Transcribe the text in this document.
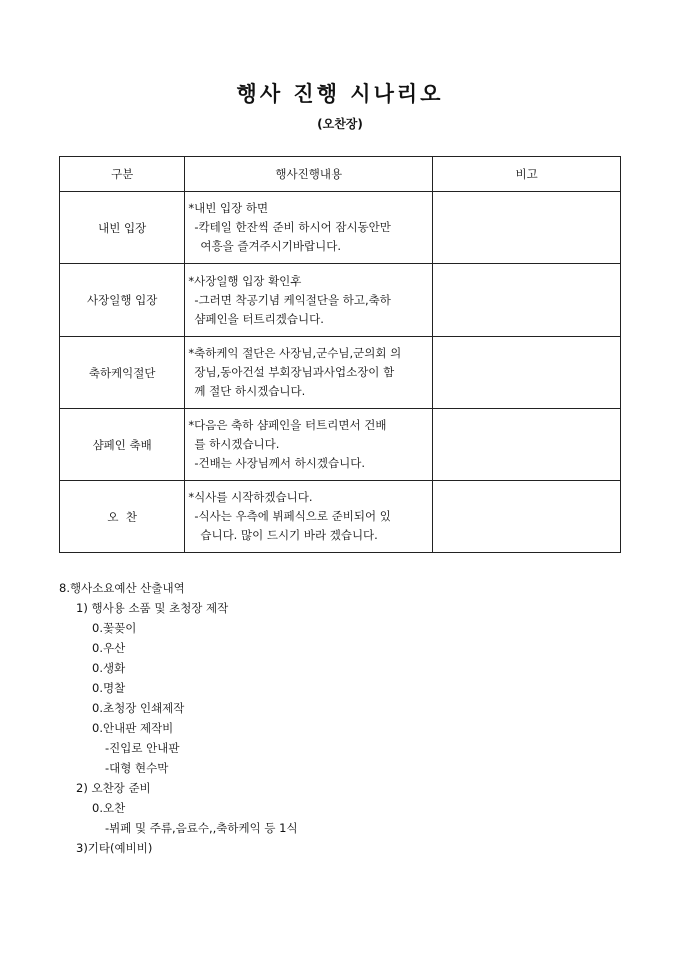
행사 진행 시나리오
(오찬장)
구분	행사진행내용	비고
내빈 입장	*내빈 입장 하면
-칵테일 한잔씩 준비 하시어 잠시동안만
여흥을 즐겨주시기바랍니다.	

사장일행 입장	*사장일행 입장 확인후
-그러면 착공기념 케익절단을 하고,축하
샴페인을 터트리겠습니다.	

축하케익절단	*축하케익 절단은 사장님,군수님,군의회 의
장님,동아건설 부회장님과사업소장이 함
께 절단 하시겠습니다.	

샴페인 축배	*다음은 축하 샴페인을 터트리면서 건배
를 하시겠습니다.
-건배는 사장님께서 하시겠습니다.	

오  찬	*식사를 시작하겠습니다.
-식사는 우측에 뷔페식으로 준비되어 있
습니다. 많이 드시기 바라 겠습니다.	

8.행사소요예산 산출내역
1) 행사용 소품 및 초청장 제작
0.꽃꽂이
0.우산
0.생화
0.명찰
0.초청장 인쇄제작
0.안내판 제작비
-진입로 안내판
-대형 현수막
2) 오찬장 준비
0.오찬
-뷔페 및 주류,음료수,,축하케익 등 1식
3)기타(예비비)
